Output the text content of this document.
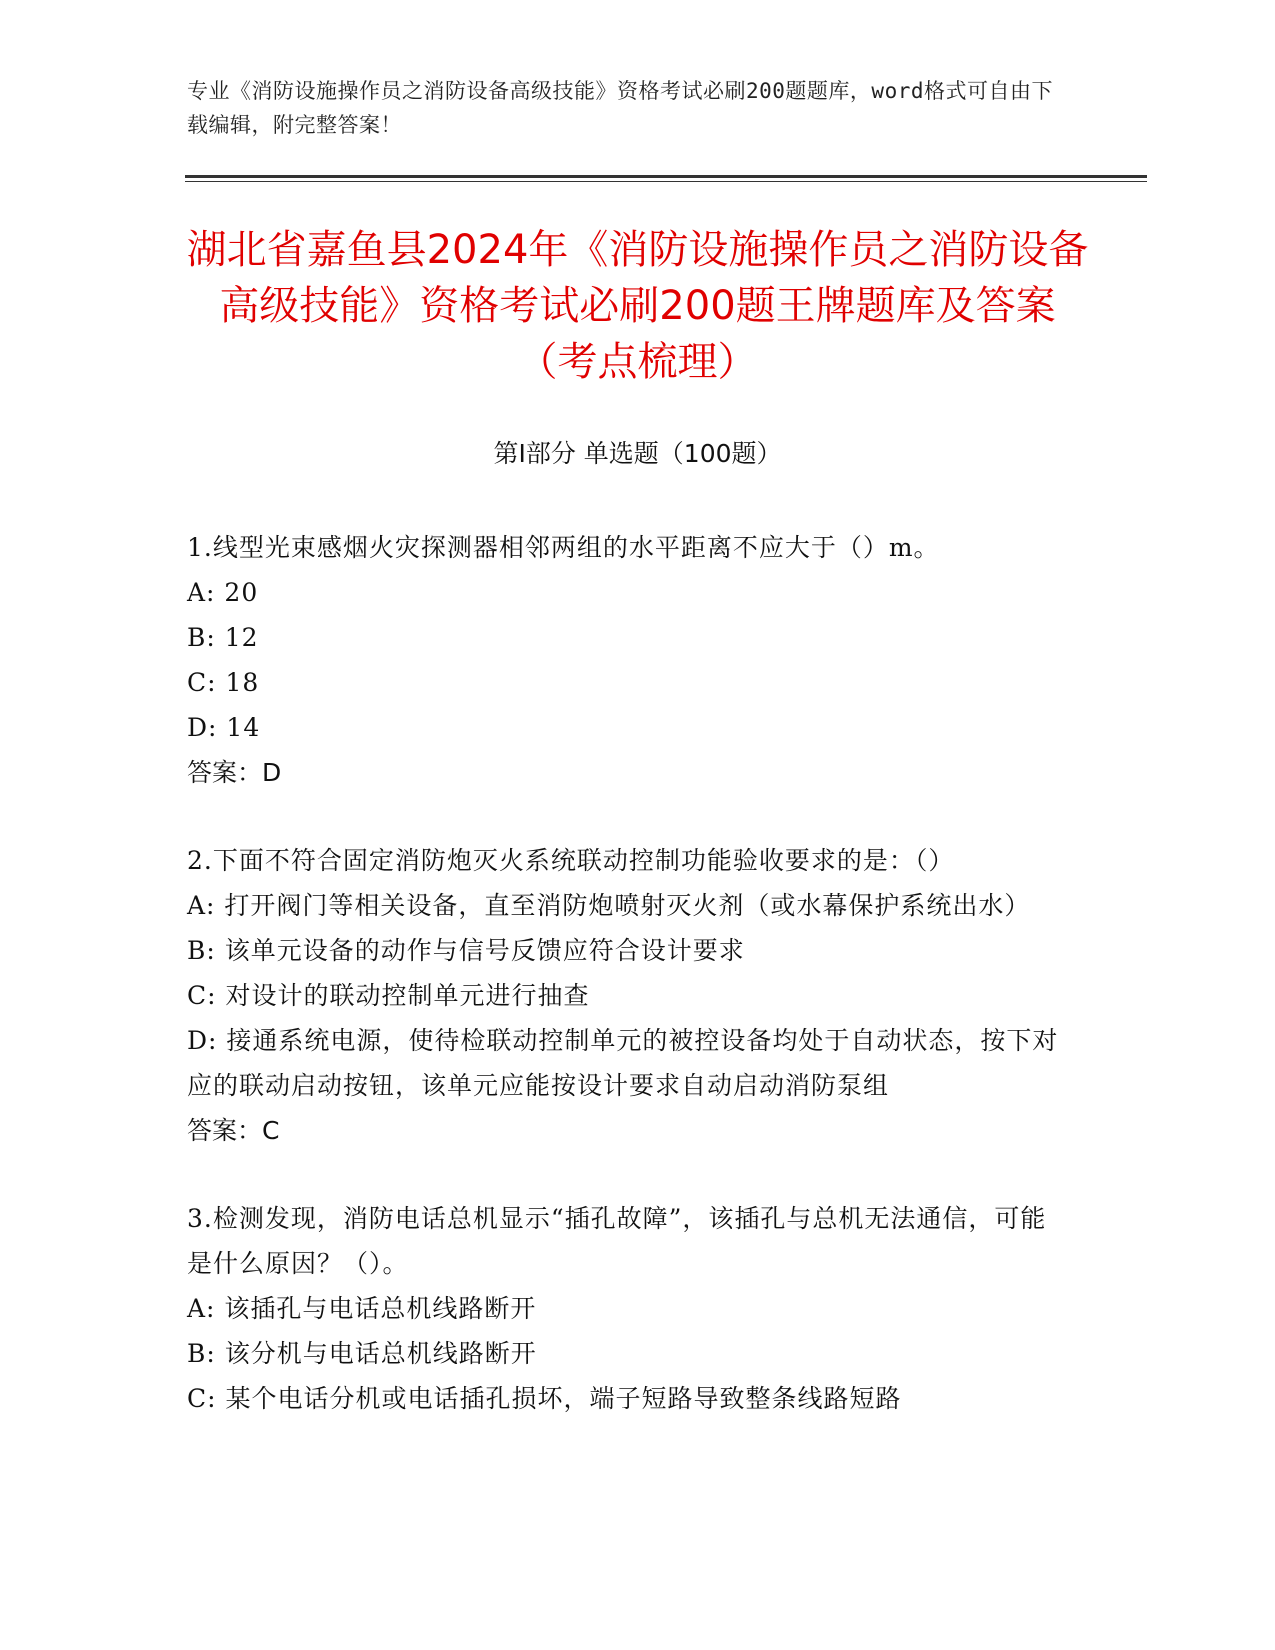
专业《消防设施操作员之消防设备高级技能》资格考试必刷200题题库，word格式可自由下载编辑，附完整答案！
湖北省嘉鱼县2024年《消防设施操作员之消防设备高级技能》资格考试必刷200题王牌题库及答案（考点梳理）
第I部分 单选题（100题）
1.线型光束感烟火灾探测器相邻两组的水平距离不应大于（）m。
A: 20
B: 12
C: 18
D: 14
答案：D
2.下面不符合固定消防炮灭火系统联动控制功能验收要求的是：（）
A: 打开阀门等相关设备，直至消防炮喷射灭火剂（或水幕保护系统出水）
B: 该单元设备的动作与信号反馈应符合设计要求
C: 对设计的联动控制单元进行抽查
D: 接通系统电源，使待检联动控制单元的被控设备均处于自动状态，按下对应的联动启动按钮，该单元应能按设计要求自动启动消防泵组
答案：C
3.检测发现，消防电话总机显示“插孔故障”，该插孔与总机无法通信，可能是什么原因？（）。
A: 该插孔与电话总机线路断开
B: 该分机与电话总机线路断开
C: 某个电话分机或电话插孔损坏，端子短路导致整条线路短路
